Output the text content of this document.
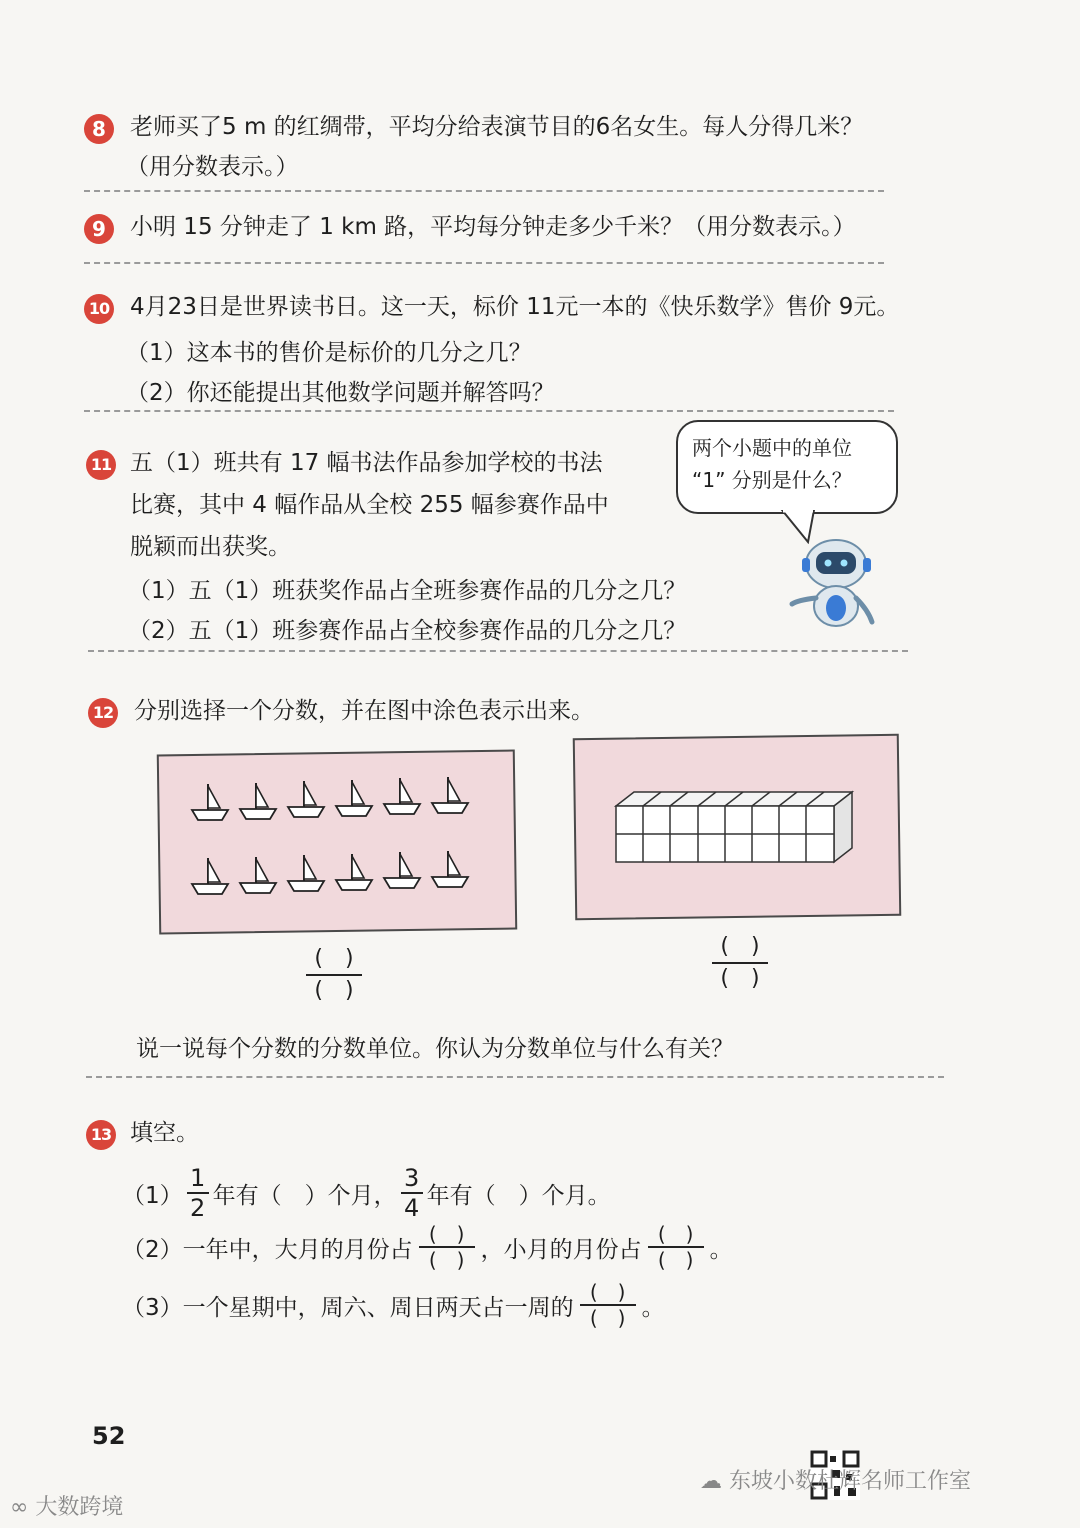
8	老师买了5 m 的红绸带，平均分给表演节目的6名女生。每人分得几米？
（用分数表示。）
9	小明 15 分钟走了 1 km 路，平均每分钟走多少千米？（用分数表示。）
10 4月23日是世界读书日。这一天，标价 11元一本的《快乐数学》售价 9元。
（1）这本书的售价是标价的几分之几？
（2）你还能提出其他数学问题并解答吗？
11 五（1）班共有 17 幅书法作品参加学校的书法
比赛，其中 4 幅作品从全校 255 幅参赛作品中
脱颖而出获奖。
（1）五（1）班获奖作品占全班参赛作品的几分之几？
（2）五（1）班参赛作品占全校参赛作品的几分之几？
两个小题中的单位
“1” 分别是什么？
12 分别选择一个分数，并在图中涂色表示出来。
(　)
(　)
(　)
(　)
说一说每个分数的分数单位。你认为分数单位与什么有关？
13 填空。
（1）
1
2 年有（　）个月，
3
4 年有（　）个月。
（2）一年中，大月的月份占 $\frac{( )}{( )}$ ，小月的月份占 $\frac{( )}{( )}$ 。
（3）一个星期中，周六、周日两天占一周的 $\frac{( )}{( )}$ 。
52
∞ 大数跨境
☁ 东坡小数杜辉名师工作室
